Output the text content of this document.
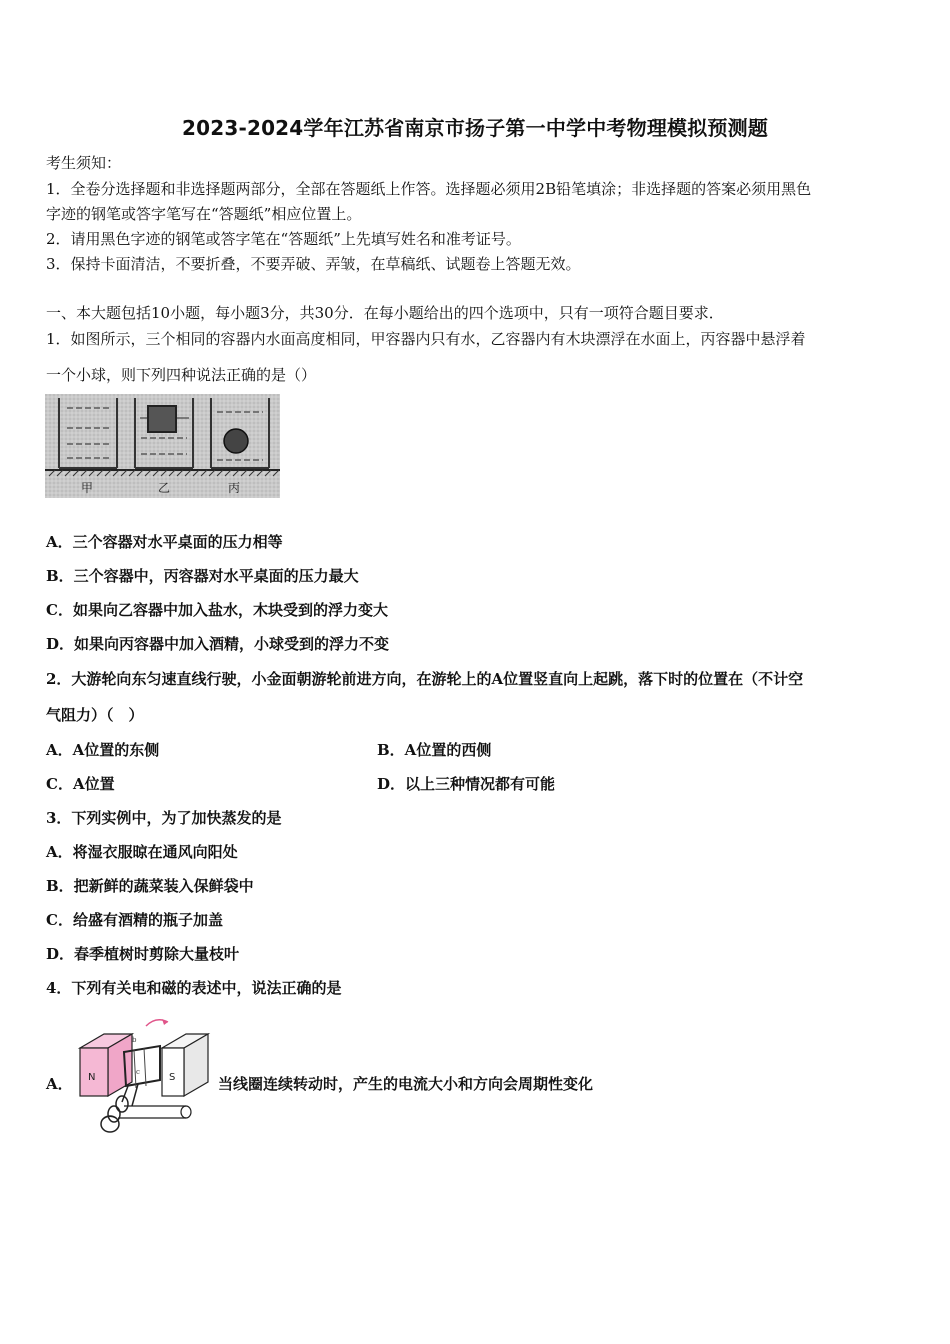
2023-2024学年江苏省南京市扬子第一中学中考物理模拟预测题
考生须知：
1．全卷分选择题和非选择题两部分，全部在答题纸上作答。选择题必须用2B铅笔填涂；非选择题的答案必须用黑色
字迹的钢笔或答字笔写在“答题纸”相应位置上。
2．请用黑色字迹的钢笔或答字笔在“答题纸”上先填写姓名和准考证号。
3．保持卡面清洁，不要折叠，不要弄破、弄皱，在草稿纸、试题卷上答题无效。
一、本大题包括10小题，每小题3分，共30分．在每小题给出的四个选项中，只有一项符合题目要求．
1．如图所示，三个相同的容器内水面高度相同，甲容器内只有水，乙容器内有木块漂浮在水面上，丙容器中悬浮着
一个小球，则下列四种说法正确的是（）
甲	乙	丙
A．三个容器对水平桌面的压力相等
B．三个容器中，丙容器对水平桌面的压力最大
C．如果向乙容器中加入盐水，木块受到的浮力变大
D．如果向丙容器中加入酒精，小球受到的浮力不变
2．大游轮向东匀速直线行驶，小金面朝游轮前进方向，在游轮上的A位置竖直向上起跳，落下时的位置在（不计空
气阻力）（　）
A．A位置的东侧	B．A位置的西侧
C．A位置	D．以上三种情况都有可能
3．下列实例中，为了加快蒸发的是
A．将湿衣服晾在通风向阳处
B．把新鲜的蔬菜装入保鲜袋中
C．给盛有酒精的瓶子加盖
D．春季植树时剪除大量枝叶
4．下列有关电和磁的表述中，说法正确的是
A． N	S
c
b
当线圈连续转动时，产生的电流大小和方向会周期性变化
